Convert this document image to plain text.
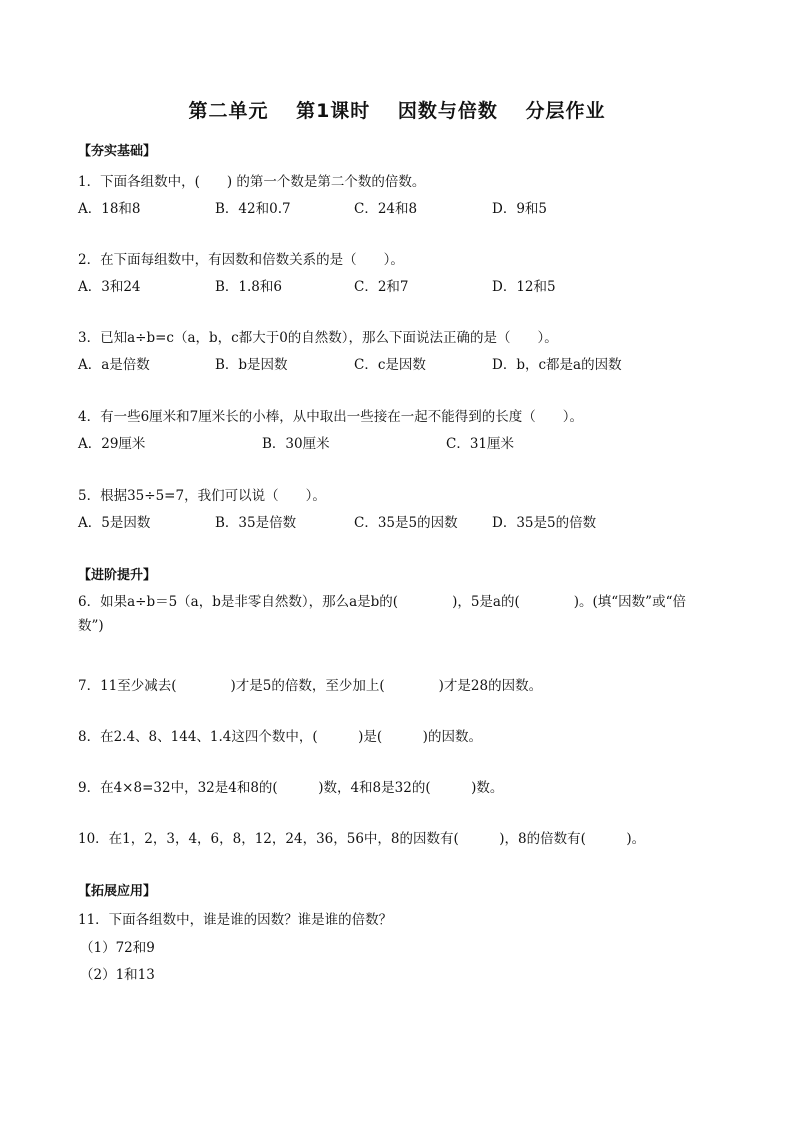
第二单元　 第1课时　 因数与倍数　 分层作业
【夯实基础】
1．下面各组数中，(　　) 的第一个数是第二个数的倍数。
A．18和8	B．42和0.7	C．24和8	D．9和5
2．在下面每组数中，有因数和倍数关系的是（　　）。
A．3和24	B．1.8和6	C．2和7	D．12和5
3．已知a÷b=c（a，b，c都大于0的自然数），那么下面说法正确的是（　　）。
A．a是倍数	B．b是因数	C．c是因数	D．b，c都是a的因数
4．有一些6厘米和7厘米长的小棒，从中取出一些接在一起不能得到的长度（　　）。
A．29厘米	B．30厘米	C．31厘米
5．根据35÷5=7，我们可以说（　　）。
A．5是因数	B．35是倍数	C．35是5的因数	D．35是5的倍数
【进阶提升】
6．如果a÷b＝5（a，b是非零自然数），那么a是b的(　　　　)，5是a的(　　　　)。(填“因数”或“倍数”)
7．11至少减去(　　　　)才是5的倍数，至少加上(　　　　)才是28的因数。
8．在2.4、8、144、1.4这四个数中，(　　　)是(　　　)的因数。
9．在4×8=32中，32是4和8的(　　　)数，4和8是32的(　　　)数。
10．在1，2，3，4，6，8，12，24，36，56中，8的因数有(　　　)，8的倍数有(　　　)。
【拓展应用】
11．下面各组数中，谁是谁的因数？谁是谁的倍数？
（1）72和9
（2）1和13
